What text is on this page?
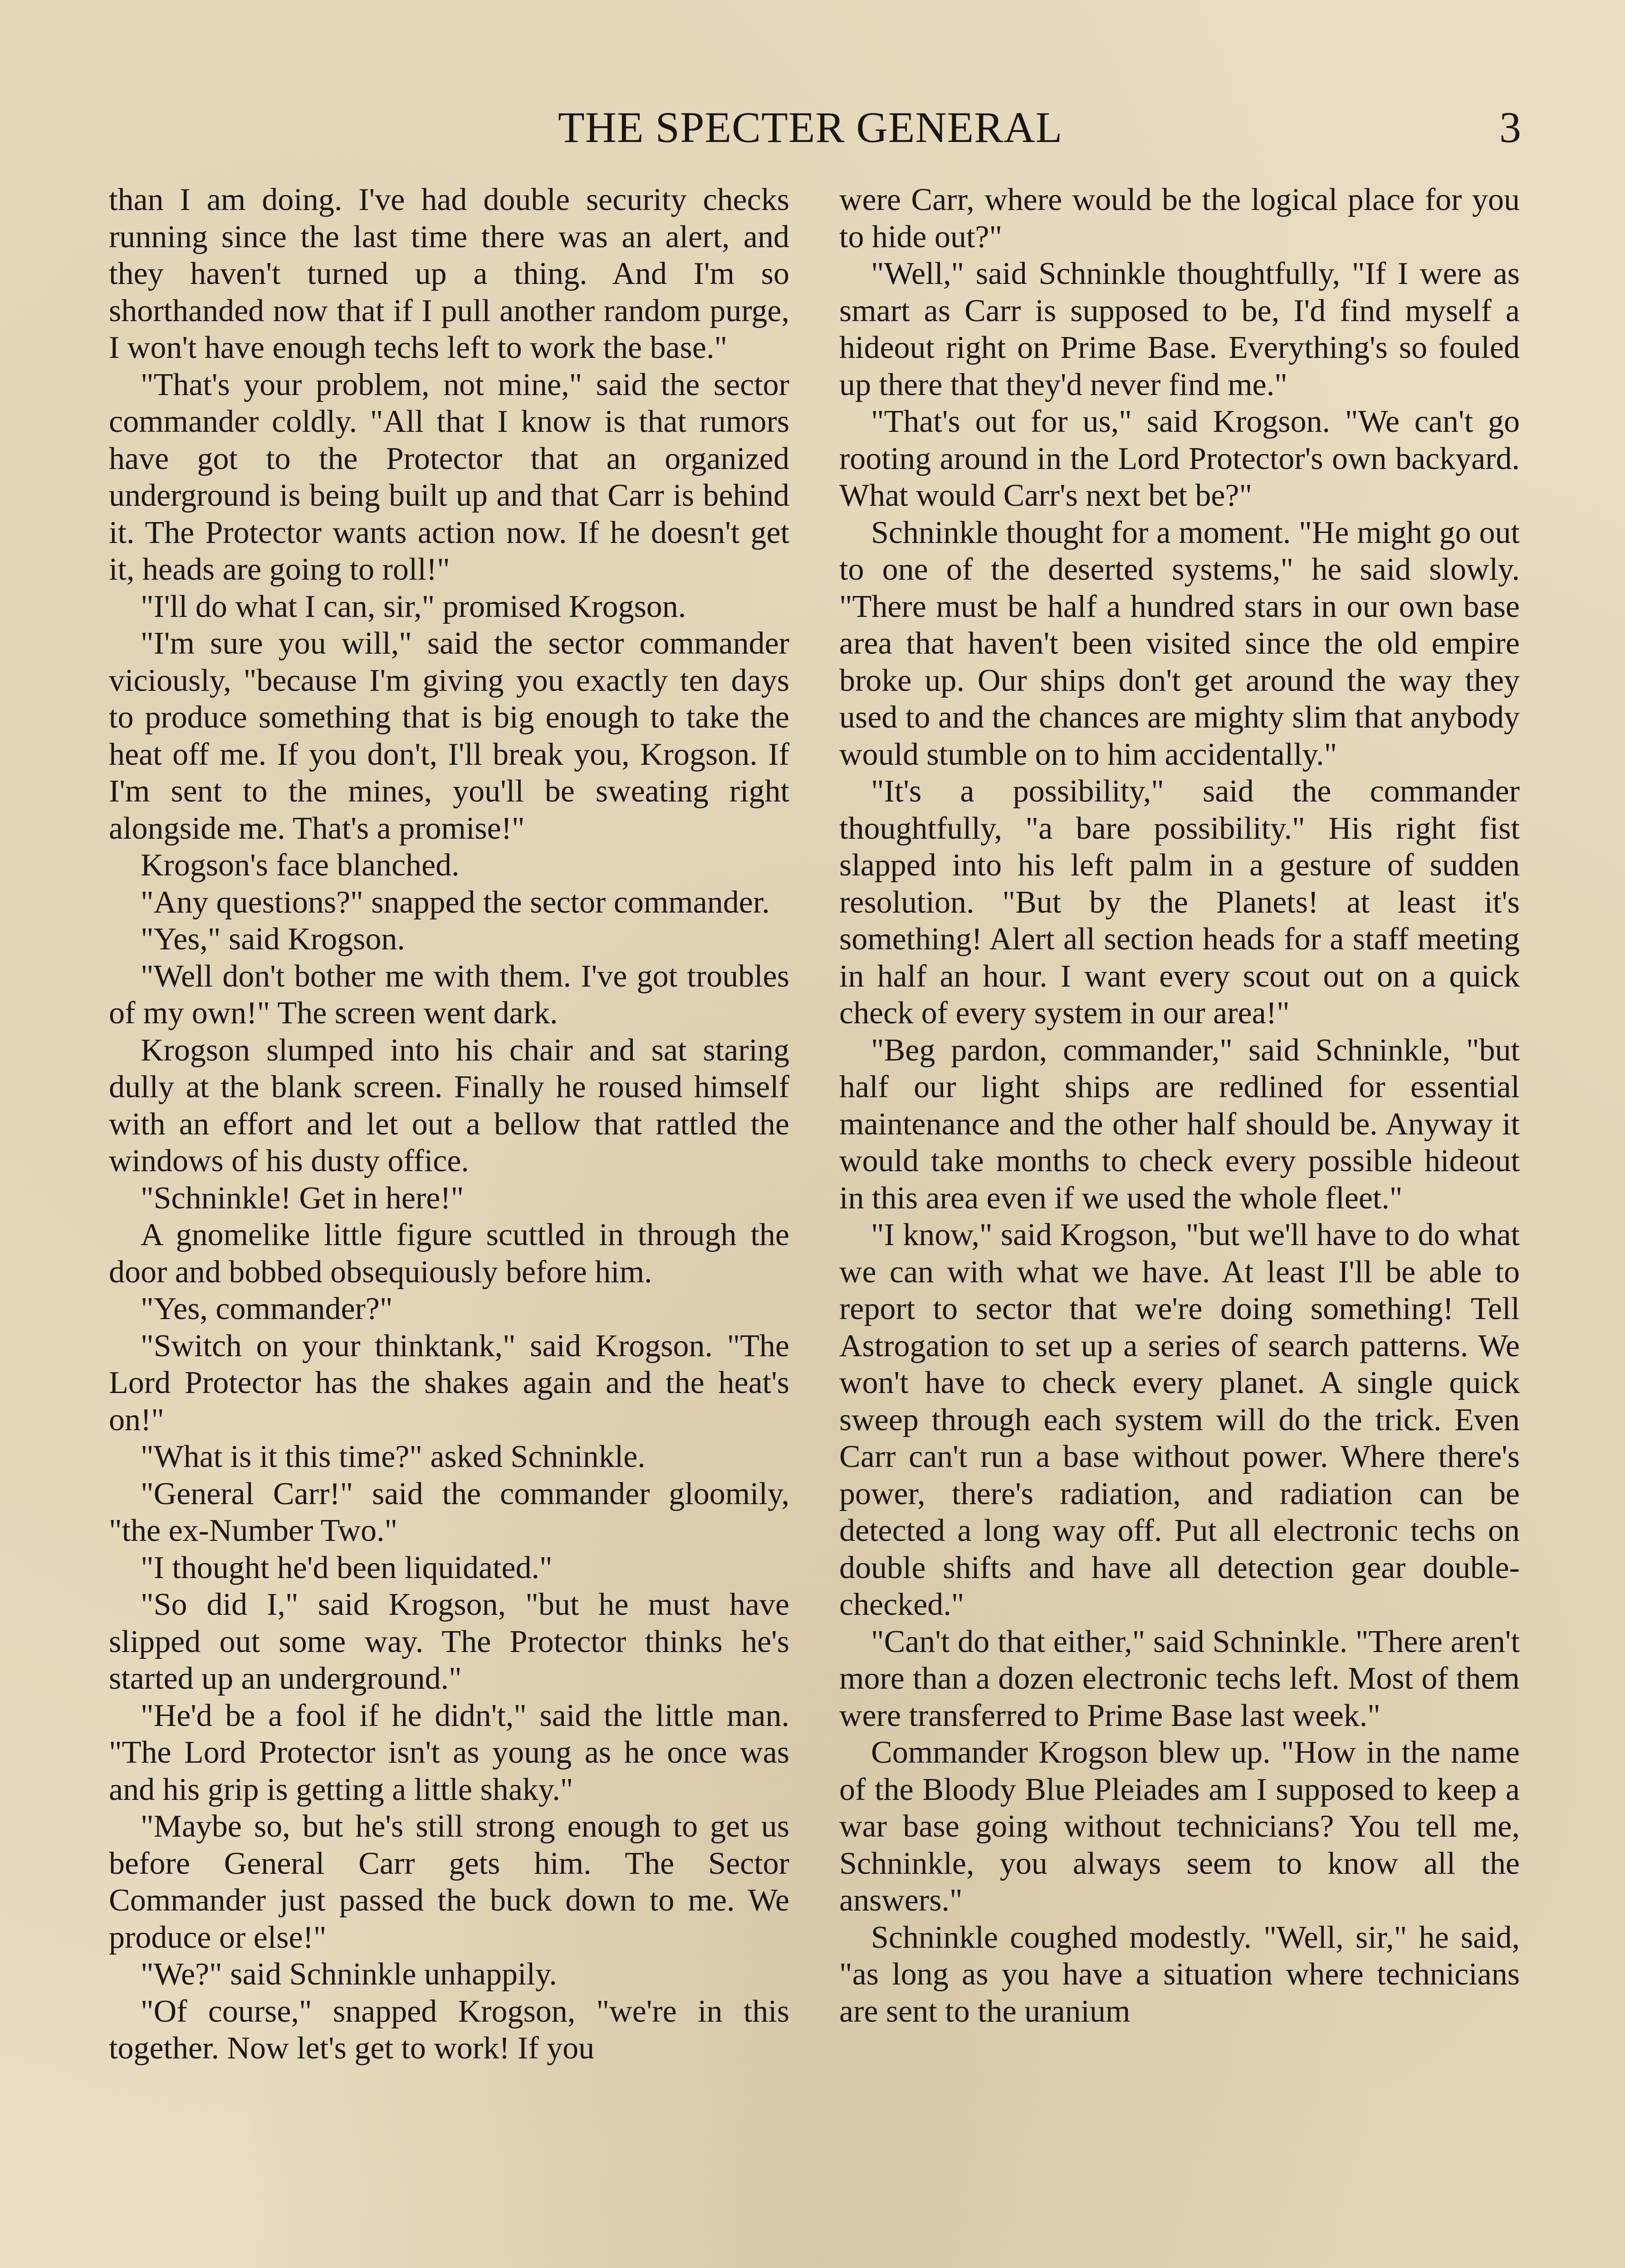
THE SPECTER GENERAL	3

than I am doing. I've had double security checks running since the last time there was an alert, and they haven't turned up a thing. And I'm so shorthanded now that if I pull another random purge, I won't have enough techs left to work the base."

"That's your problem, not mine," said the sector commander coldly. "All that I know is that rumors have got to the Protector that an organized underground is being built up and that Carr is behind it. The Protector wants action now. If he doesn't get it, heads are going to roll!"

"I'll do what I can, sir," promised Krogson.

"I'm sure you will," said the sector commander viciously, "because I'm giving you exactly ten days to produce something that is big enough to take the heat off me. If you don't, I'll break you, Krogson. If I'm sent to the mines, you'll be sweating right alongside me. That's a promise!"

Krogson's face blanched.

"Any questions?" snapped the sector commander.

"Yes," said Krogson.

"Well don't bother me with them. I've got troubles of my own!" The screen went dark.

Krogson slumped into his chair and sat staring dully at the blank screen. Finally he roused himself with an effort and let out a bellow that rattled the windows of his dusty office.

"Schninkle! Get in here!"

A gnomelike little figure scuttled in through the door and bobbed obsequiously before him.

"Yes, commander?"

"Switch on your thinktank," said Krogson. "The Lord Protector has the shakes again and the heat's on!"

"What is it this time?" asked Schninkle.

"General Carr!" said the commander gloomily, "the ex-Number Two."

"I thought he'd been liquidated."

"So did I," said Krogson, "but he must have slipped out some way. The Protector thinks he's started up an underground."

"He'd be a fool if he didn't," said the little man. "The Lord Protector isn't as young as he once was and his grip is getting a little shaky."

"Maybe so, but he's still strong enough to get us before General Carr gets him. The Sector Commander just passed the buck down to me. We produce or else!"

"We?" said Schninkle unhappily.

"Of course," snapped Krogson, "we're in this together. Now let's get to work! If you

were Carr, where would be the logical place for you to hide out?"

"Well," said Schninkle thoughtfully, "If I were as smart as Carr is supposed to be, I'd find myself a hideout right on Prime Base. Everything's so fouled up there that they'd never find me."

"That's out for us," said Krogson. "We can't go rooting around in the Lord Protector's own backyard. What would Carr's next bet be?"

Schninkle thought for a moment. "He might go out to one of the deserted systems," he said slowly. "There must be half a hundred stars in our own base area that haven't been visited since the old empire broke up. Our ships don't get around the way they used to and the chances are mighty slim that anybody would stumble on to him accidentally."

"It's a possibility," said the commander thoughtfully, "a bare possibility." His right fist slapped into his left palm in a gesture of sudden resolution. "But by the Planets! at least it's something! Alert all section heads for a staff meeting in half an hour. I want every scout out on a quick check of every system in our area!"

"Beg pardon, commander," said Schninkle, "but half our light ships are redlined for essential maintenance and the other half should be. Anyway it would take months to check every possible hideout in this area even if we used the whole fleet."

"I know," said Krogson, "but we'll have to do what we can with what we have. At least I'll be able to report to sector that we're doing something! Tell Astrogation to set up a series of search patterns. We won't have to check every planet. A single quick sweep through each system will do the trick. Even Carr can't run a base without power. Where there's power, there's radiation, and radiation can be detected a long way off. Put all electronic techs on double shifts and have all detection gear double-checked."

"Can't do that either," said Schninkle. "There aren't more than a dozen electronic techs left. Most of them were transferred to Prime Base last week."

Commander Krogson blew up. "How in the name of the Bloody Blue Pleiades am I supposed to keep a war base going without technicians? You tell me, Schninkle, you always seem to know all the answers."

Schninkle coughed modestly. "Well, sir," he said, "as long as you have a situation where technicians are sent to the uranium
